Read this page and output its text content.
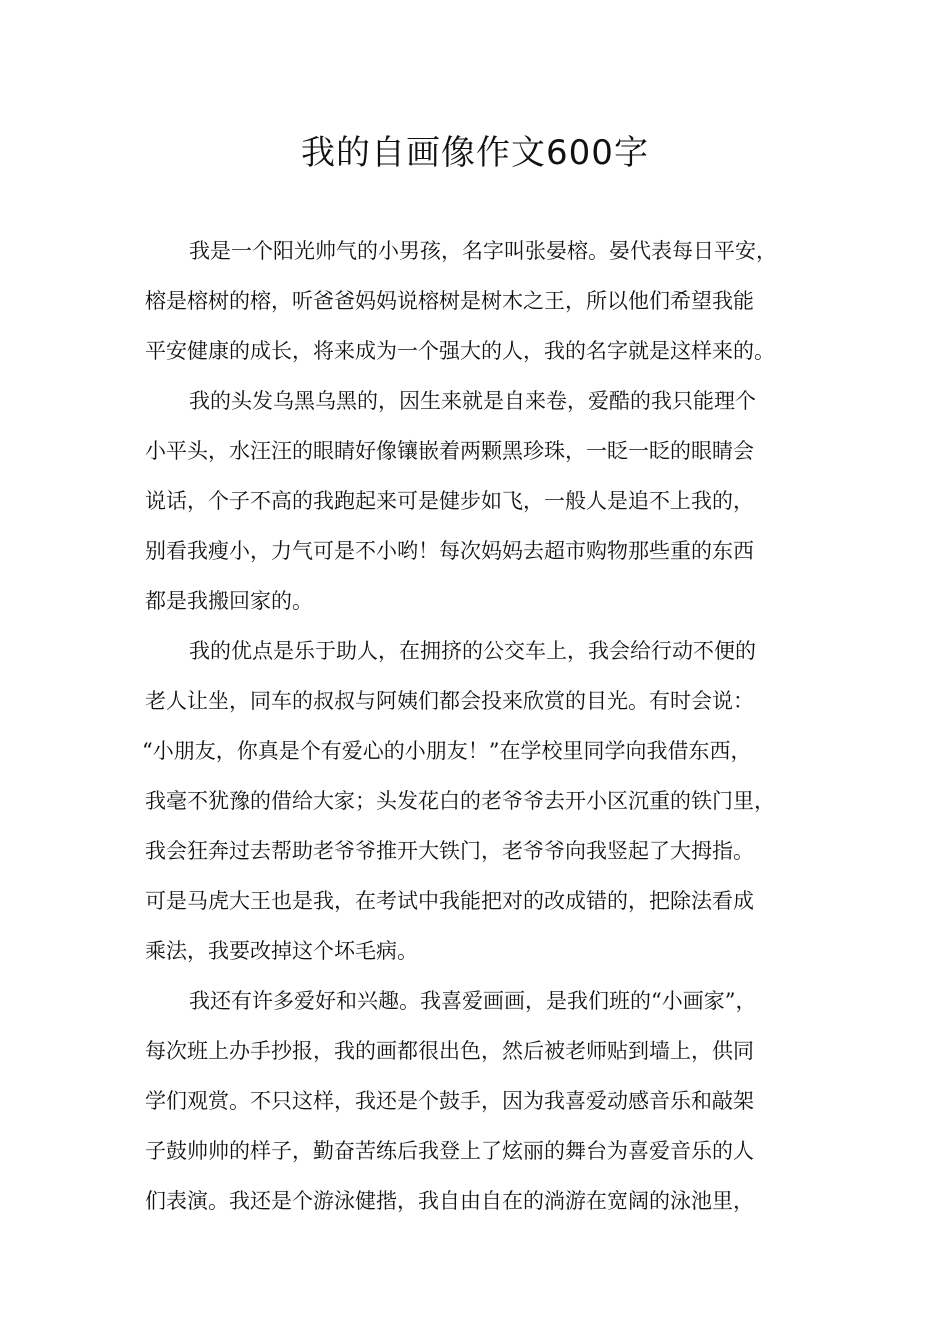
我的自画像作文600字
我是一个阳光帅气的小男孩，名字叫张晏榕。晏代表每日平安，
榕是榕树的榕，听爸爸妈妈说榕树是树木之王，所以他们希望我能
平安健康的成长，将来成为一个强大的人，我的名字就是这样来的。
我的头发乌黑乌黑的，因生来就是自来卷，爱酷的我只能理个
小平头，水汪汪的眼睛好像镶嵌着两颗黑珍珠，一眨一眨的眼睛会
说话，个子不高的我跑起来可是健步如飞，一般人是追不上我的，
别看我瘦小，力气可是不小哟！每次妈妈去超市购物那些重的东西
都是我搬回家的。
我的优点是乐于助人，在拥挤的公交车上，我会给行动不便的
老人让坐，同车的叔叔与阿姨们都会投来欣赏的目光。有时会说：
“小朋友，你真是个有爱心的小朋友！”在学校里同学向我借东西，
我毫不犹豫的借给大家；头发花白的老爷爷去开小区沉重的铁门里，
我会狂奔过去帮助老爷爷推开大铁门，老爷爷向我竖起了大拇指。
可是马虎大王也是我，在考试中我能把对的改成错的，把除法看成
乘法，我要改掉这个坏毛病。
我还有许多爱好和兴趣。我喜爱画画，是我们班的“小画家”，
每次班上办手抄报，我的画都很出色，然后被老师贴到墙上，供同
学们观赏。不只这样，我还是个鼓手，因为我喜爱动感音乐和敲架
子鼓帅帅的样子，勤奋苦练后我登上了炫丽的舞台为喜爱音乐的人
们表演。我还是个游泳健揩，我自由自在的淌游在宽阔的泳池里，
